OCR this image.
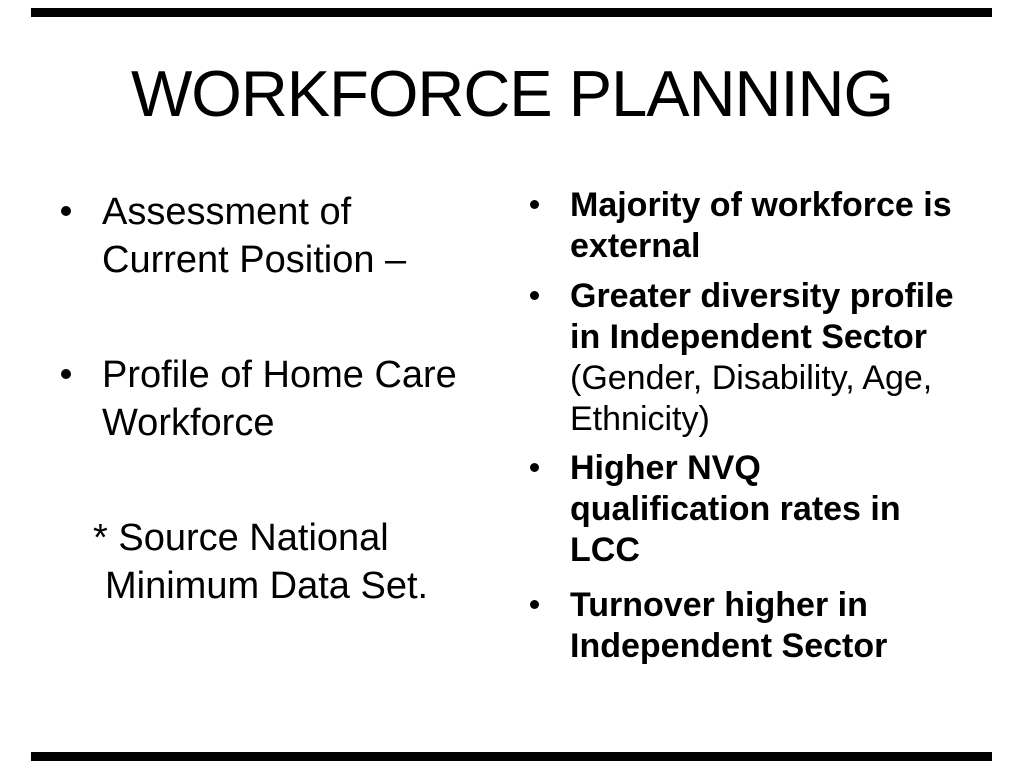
WORKFORCE PLANNING
Assessment of
Current Position –
Profile of Home Care
Workforce
* Source National
Minimum Data Set.
Majority of workforce is
external
Greater diversity profile
in Independent Sector
(Gender, Disability, Age,
Ethnicity)
Higher NVQ
qualification rates in
LCC
Turnover higher in
Independent Sector
